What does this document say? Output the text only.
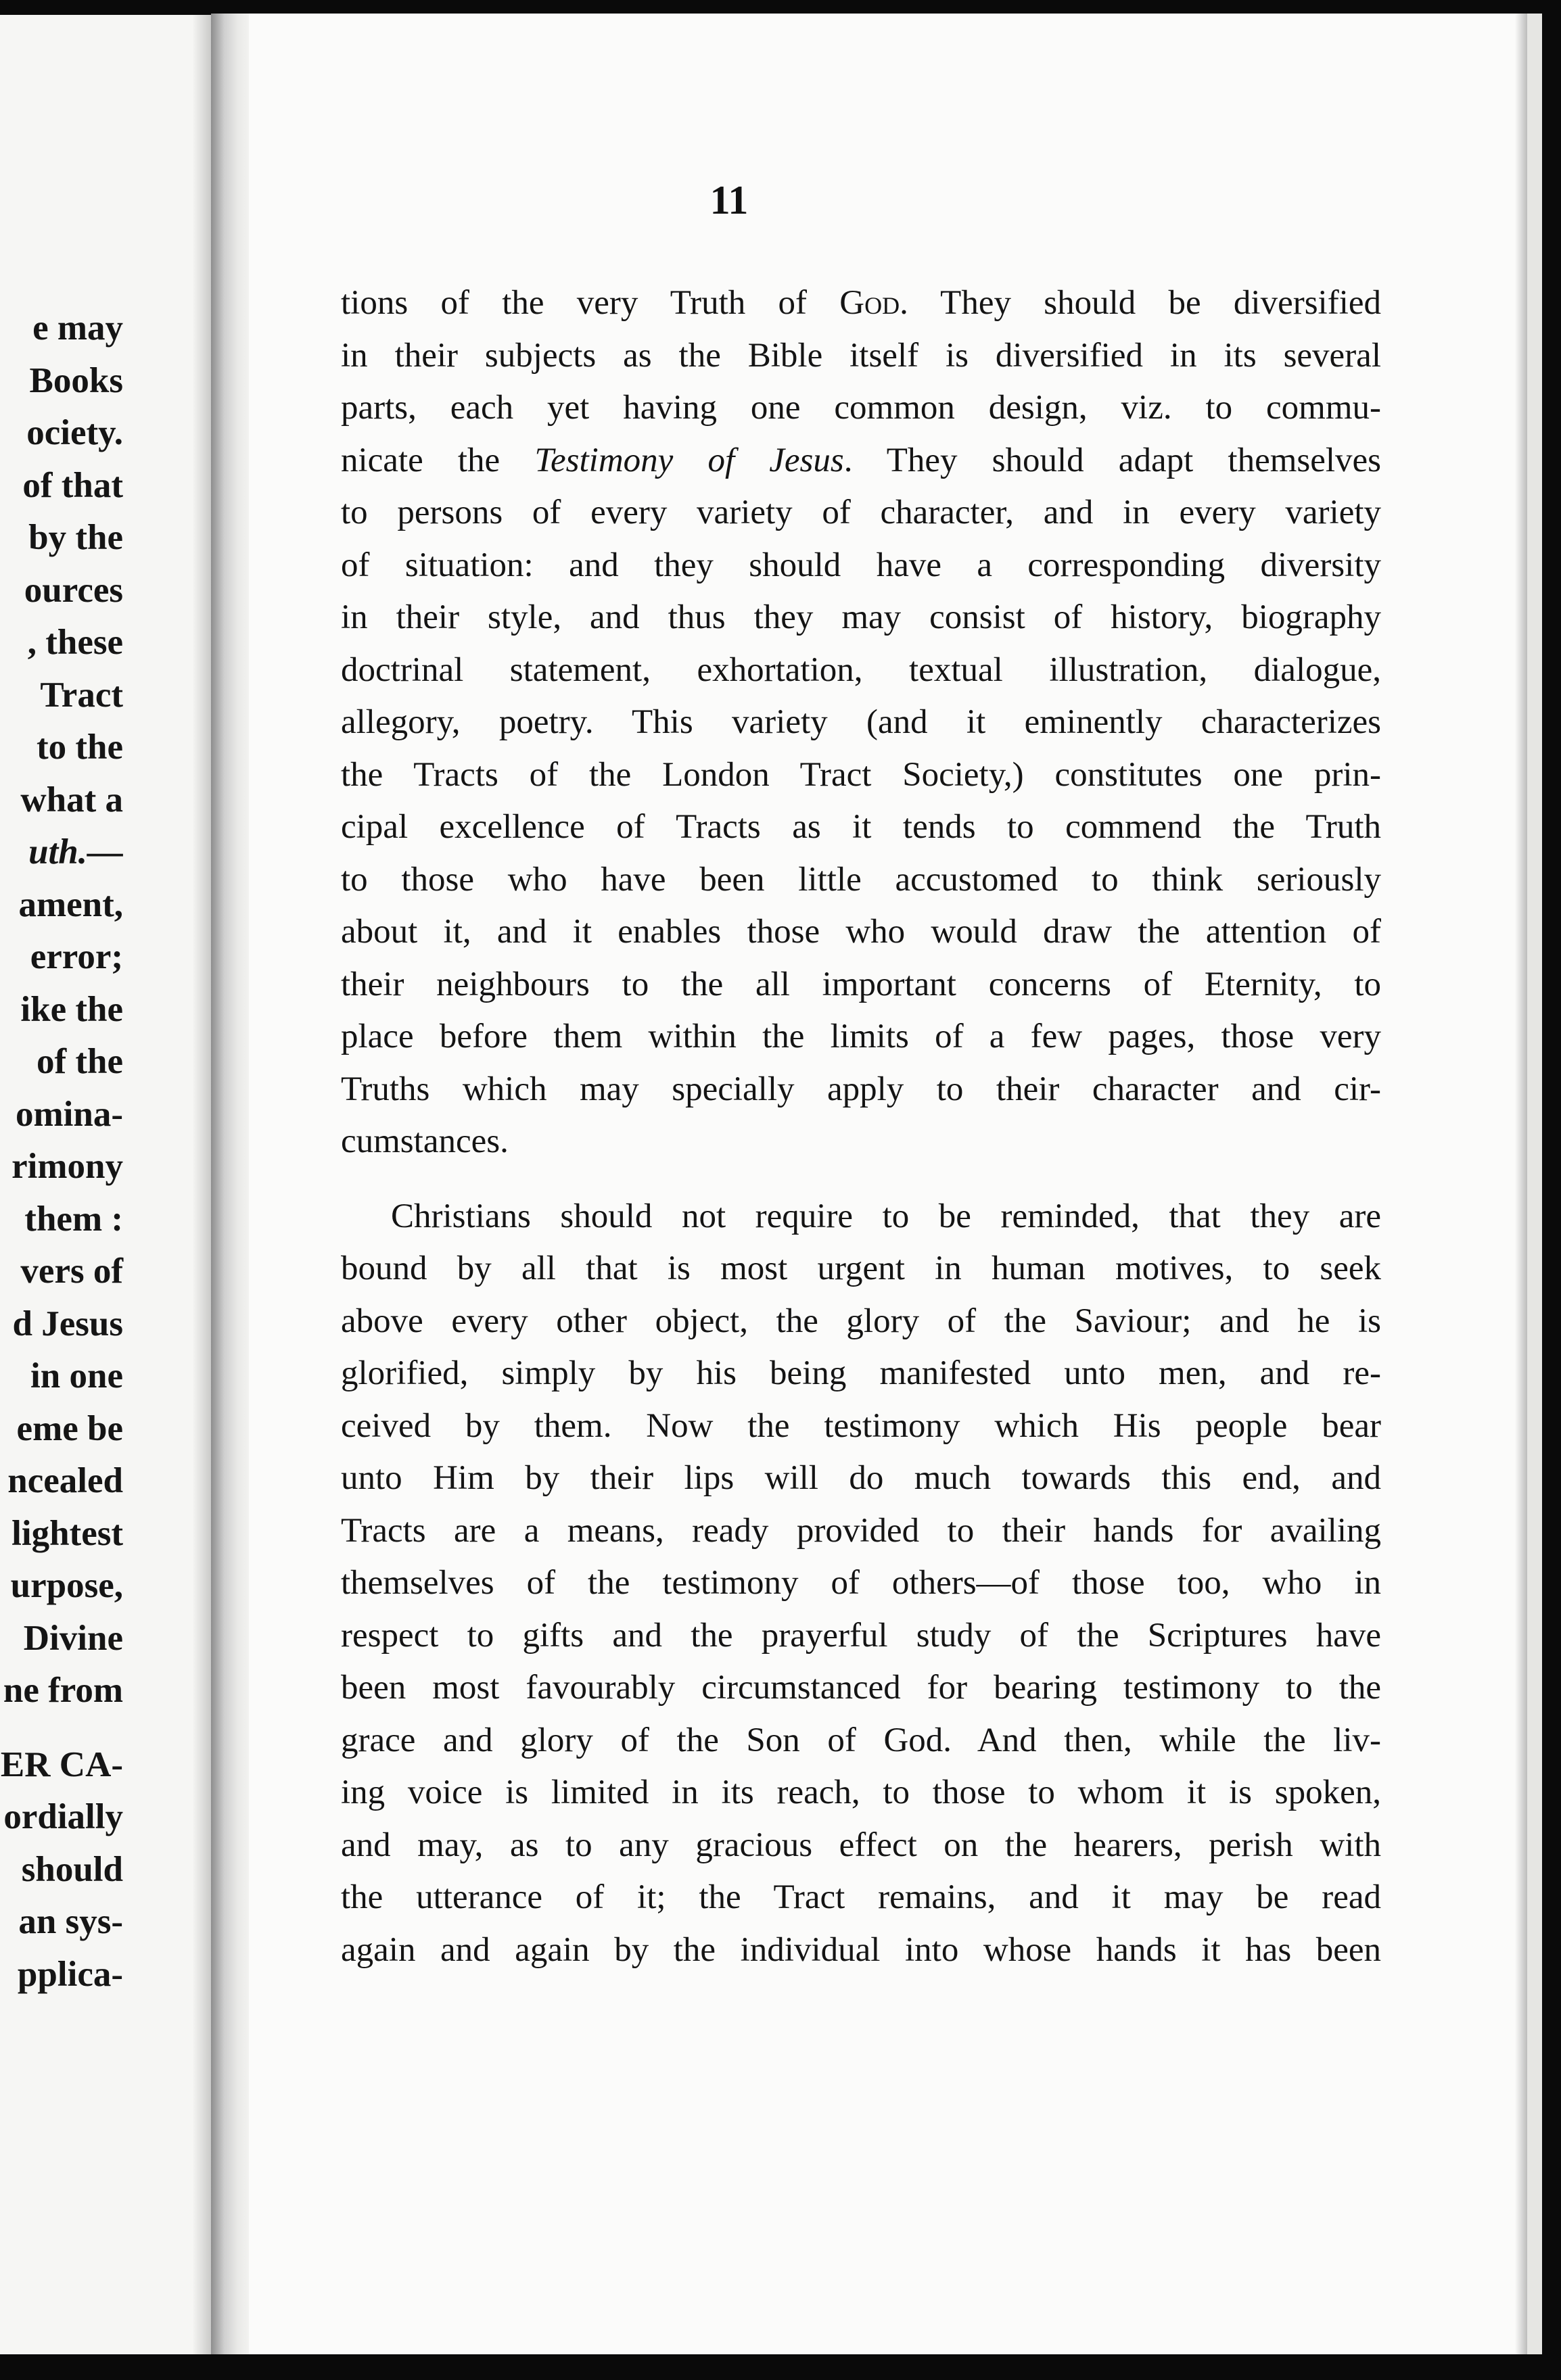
e may
Books
ociety.
of that
by the
ources
, these
Tract
to the
what a
uth.—
ament,
error;
ike the
of the
omina-
rimony
them :
vers of
d Jesus
in one
eme be
ncealed
lightest
urpose,
Divine
ne from
ER CA-
ordially
should
an sys-
pplica-
11
tions of the very Truth of God. They should be diversified
in their subjects as the Bible itself is diversified in its several
parts, each yet having one common design, viz. to commu-
nicate the Testimony of Jesus. They should adapt themselves
to persons of every variety of character, and in every variety
of situation: and they should have a corresponding diversity
in their style, and thus they may consist of history, biography
doctrinal statement, exhortation, textual illustration, dialogue,
allegory, poetry. This variety (and it eminently characterizes
the Tracts of the London Tract Society,) constitutes one prin-
cipal excellence of Tracts as it tends to commend the Truth
to those who have been little accustomed to think seriously
about it, and it enables those who would draw the attention of
their neighbours to the all important concerns of Eternity, to
place before them within the limits of a few pages, those very
Truths which may specially apply to their character and cir-
cumstances.
Christians should not require to be reminded, that they are
bound by all that is most urgent in human motives, to seek
above every other object, the glory of the Saviour; and he is
glorified, simply by his being manifested unto men, and re-
ceived by them. Now the testimony which His people bear
unto Him by their lips will do much towards this end, and
Tracts are a means, ready provided to their hands for availing
themselves of the testimony of others—of those too, who in
respect to gifts and the prayerful study of the Scriptures have
been most favourably circumstanced for bearing testimony to the
grace and glory of the Son of God. And then, while the liv-
ing voice is limited in its reach, to those to whom it is spoken,
and may, as to any gracious effect on the hearers, perish with
the utterance of it; the Tract remains, and it may be read
again and again by the individual into whose hands it has been
